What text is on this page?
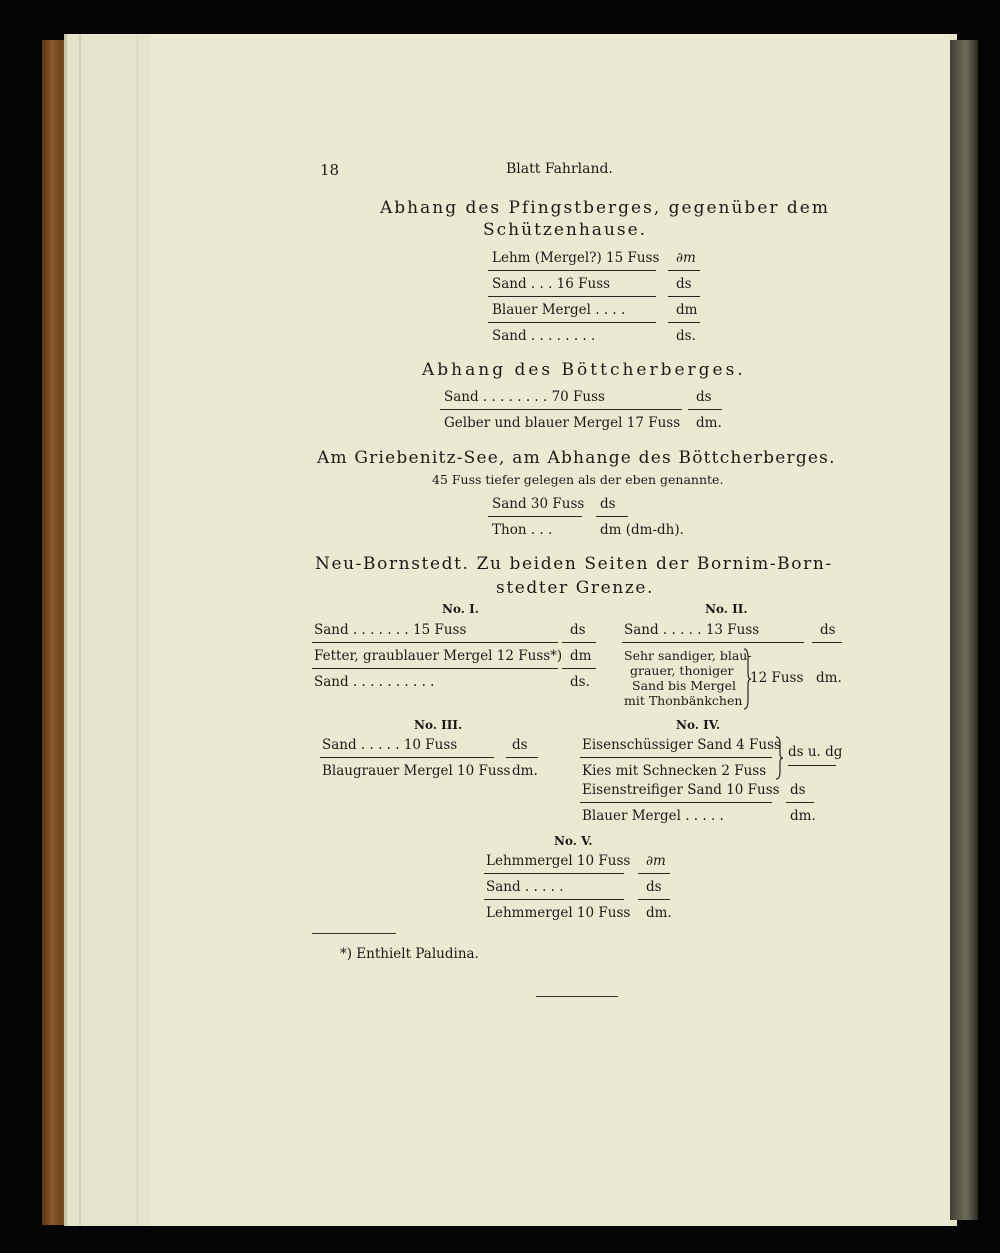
18	Blatt Fahrland.
Abhang des Pfingstberges, gegenüber dem
Schützenhause.
Lehm (Mergel?) 15 Fuss ∂m
Sand . . . 16 Fuss	ds
Blauer Mergel . . . .	dm
Sand . . . . . . . .	ds.
Abhang des Böttcherberges.
Sand . . . . . . . . 70 Fuss	ds
Gelber und blauer Mergel 17 Fuss dm.
Am Griebenitz-See, am Abhange des Böttcherberges.
45 Fuss tiefer gelegen als der eben genannte.
Sand 30 Fuss ds
Thon . . .	dm (dm-dh).
Neu-Bornstedt. Zu beiden Seiten der Bornim-Born-
stedter Grenze.
No. I.
Sand . . . . . . . 15 Fuss	ds
Fetter, graublauer Mergel 12 Fuss*) dm
Sand . . . . . . . . . .	ds.
No. II.
Sand . . . . . 13 Fuss	ds
Sehr sandiger, blau-
grauer, thoniger
Sand bis Mergel
mit Thonbänkchen
12 Fuss dm.
No. III.
Sand . . . . . 10 Fuss	ds
Blaugrauer Mergel 10 Fuss dm.
No. IV.
Eisenschüssiger Sand 4 Fuss
Kies mit Schnecken 2 Fuss
ds u. dg
Eisenstreifiger Sand 10 Fuss ds
Blauer Mergel . . . . .	dm.
No. V.
Lehmmergel 10 Fuss ∂m
Sand . . . . .	ds
Lehmmergel 10 Fuss dm.
*) Enthielt Paludina.
